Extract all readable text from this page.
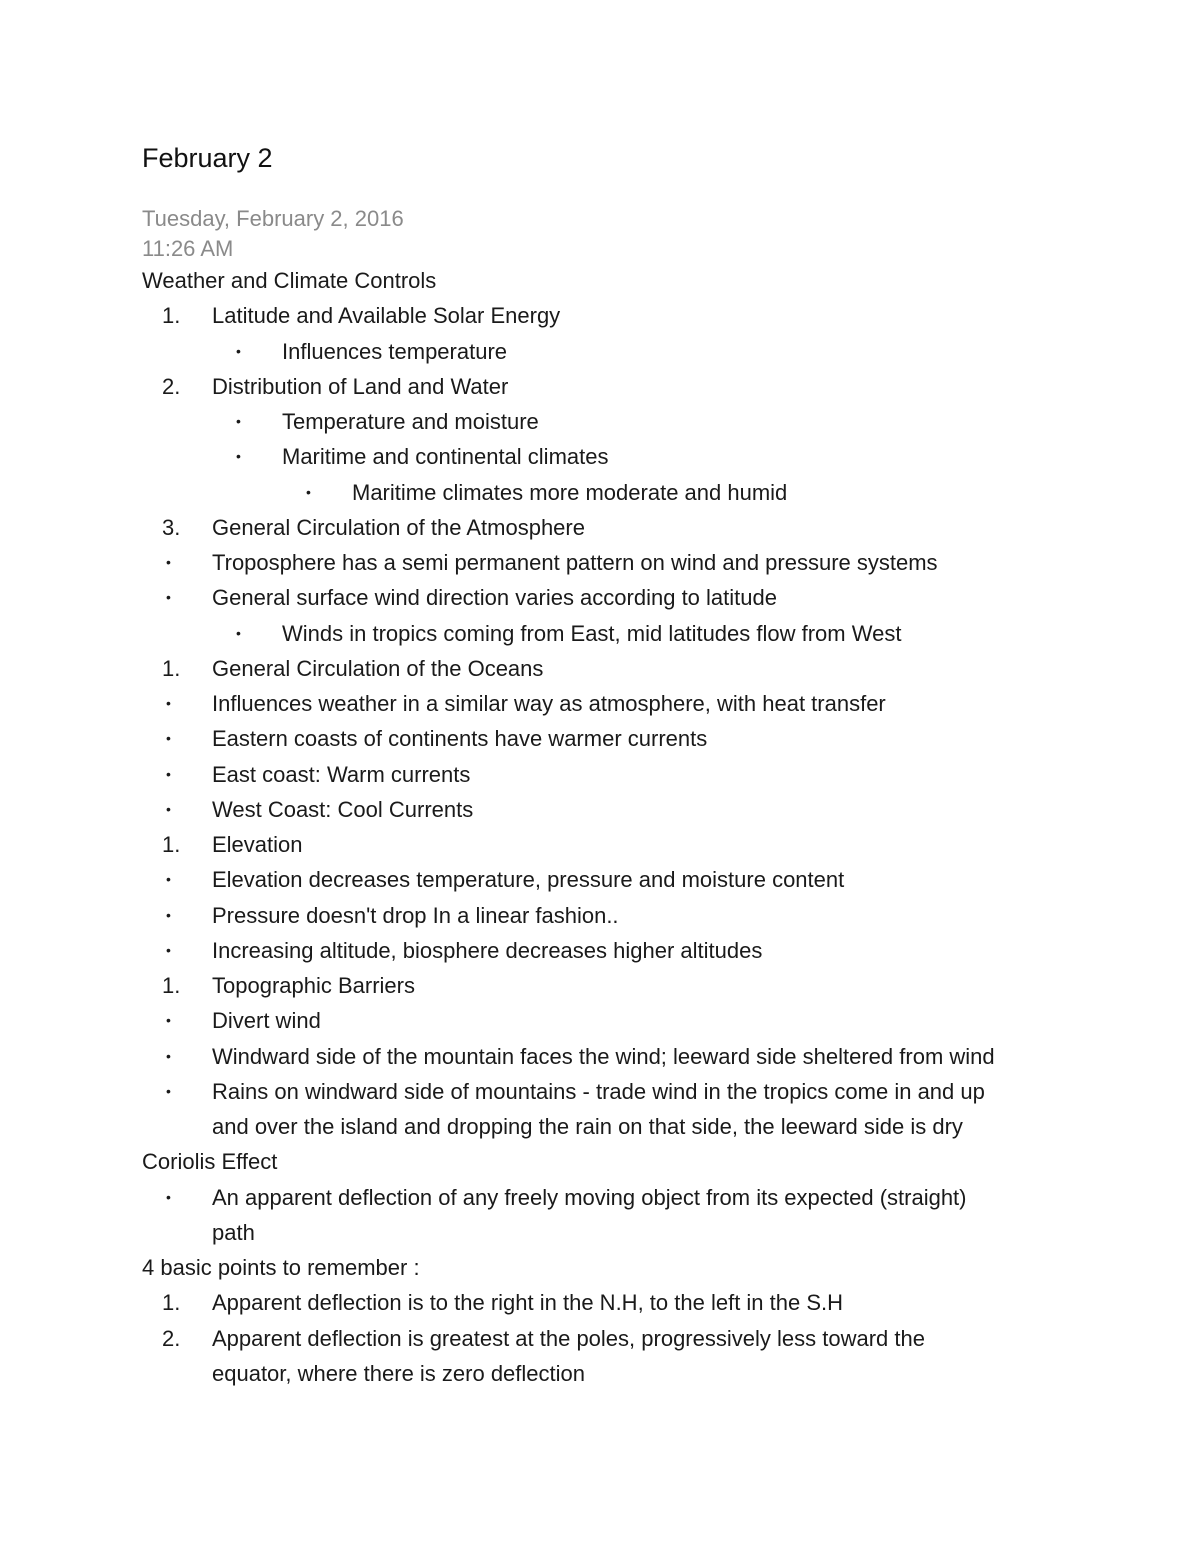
February 2
Tuesday, February 2, 2016
11:26 AM
Weather and Climate Controls
1. Latitude and Available Solar Energy
• Influences temperature
2. Distribution of Land and Water
• Temperature and moisture
• Maritime and continental climates
• Maritime climates more moderate and humid
3. General Circulation of the Atmosphere
• Troposphere has a semi permanent pattern on wind and pressure systems
• General surface wind direction varies according to latitude
• Winds in tropics coming from East, mid latitudes flow from West
1. General Circulation of the Oceans
• Influences weather in a similar way as atmosphere, with heat transfer
• Eastern coasts of continents have warmer currents
• East coast: Warm currents
• West Coast: Cool Currents
1. Elevation
• Elevation decreases temperature, pressure and moisture content
• Pressure doesn't drop In a linear fashion..
• Increasing altitude, biosphere decreases higher altitudes
1. Topographic Barriers
• Divert wind
• Windward side of the mountain faces the wind; leeward side sheltered from wind
• Rains on windward side of mountains - trade wind in the tropics come in and up
and over the island and dropping the rain on that side, the leeward side is dry
Coriolis Effect
• An apparent deflection of any freely moving object from its expected (straight)
path
4 basic points to remember :
1. Apparent deflection is to the right in the N.H, to the left in the S.H
2. Apparent deflection is greatest at the poles, progressively less toward the
equator, where there is zero deflection
